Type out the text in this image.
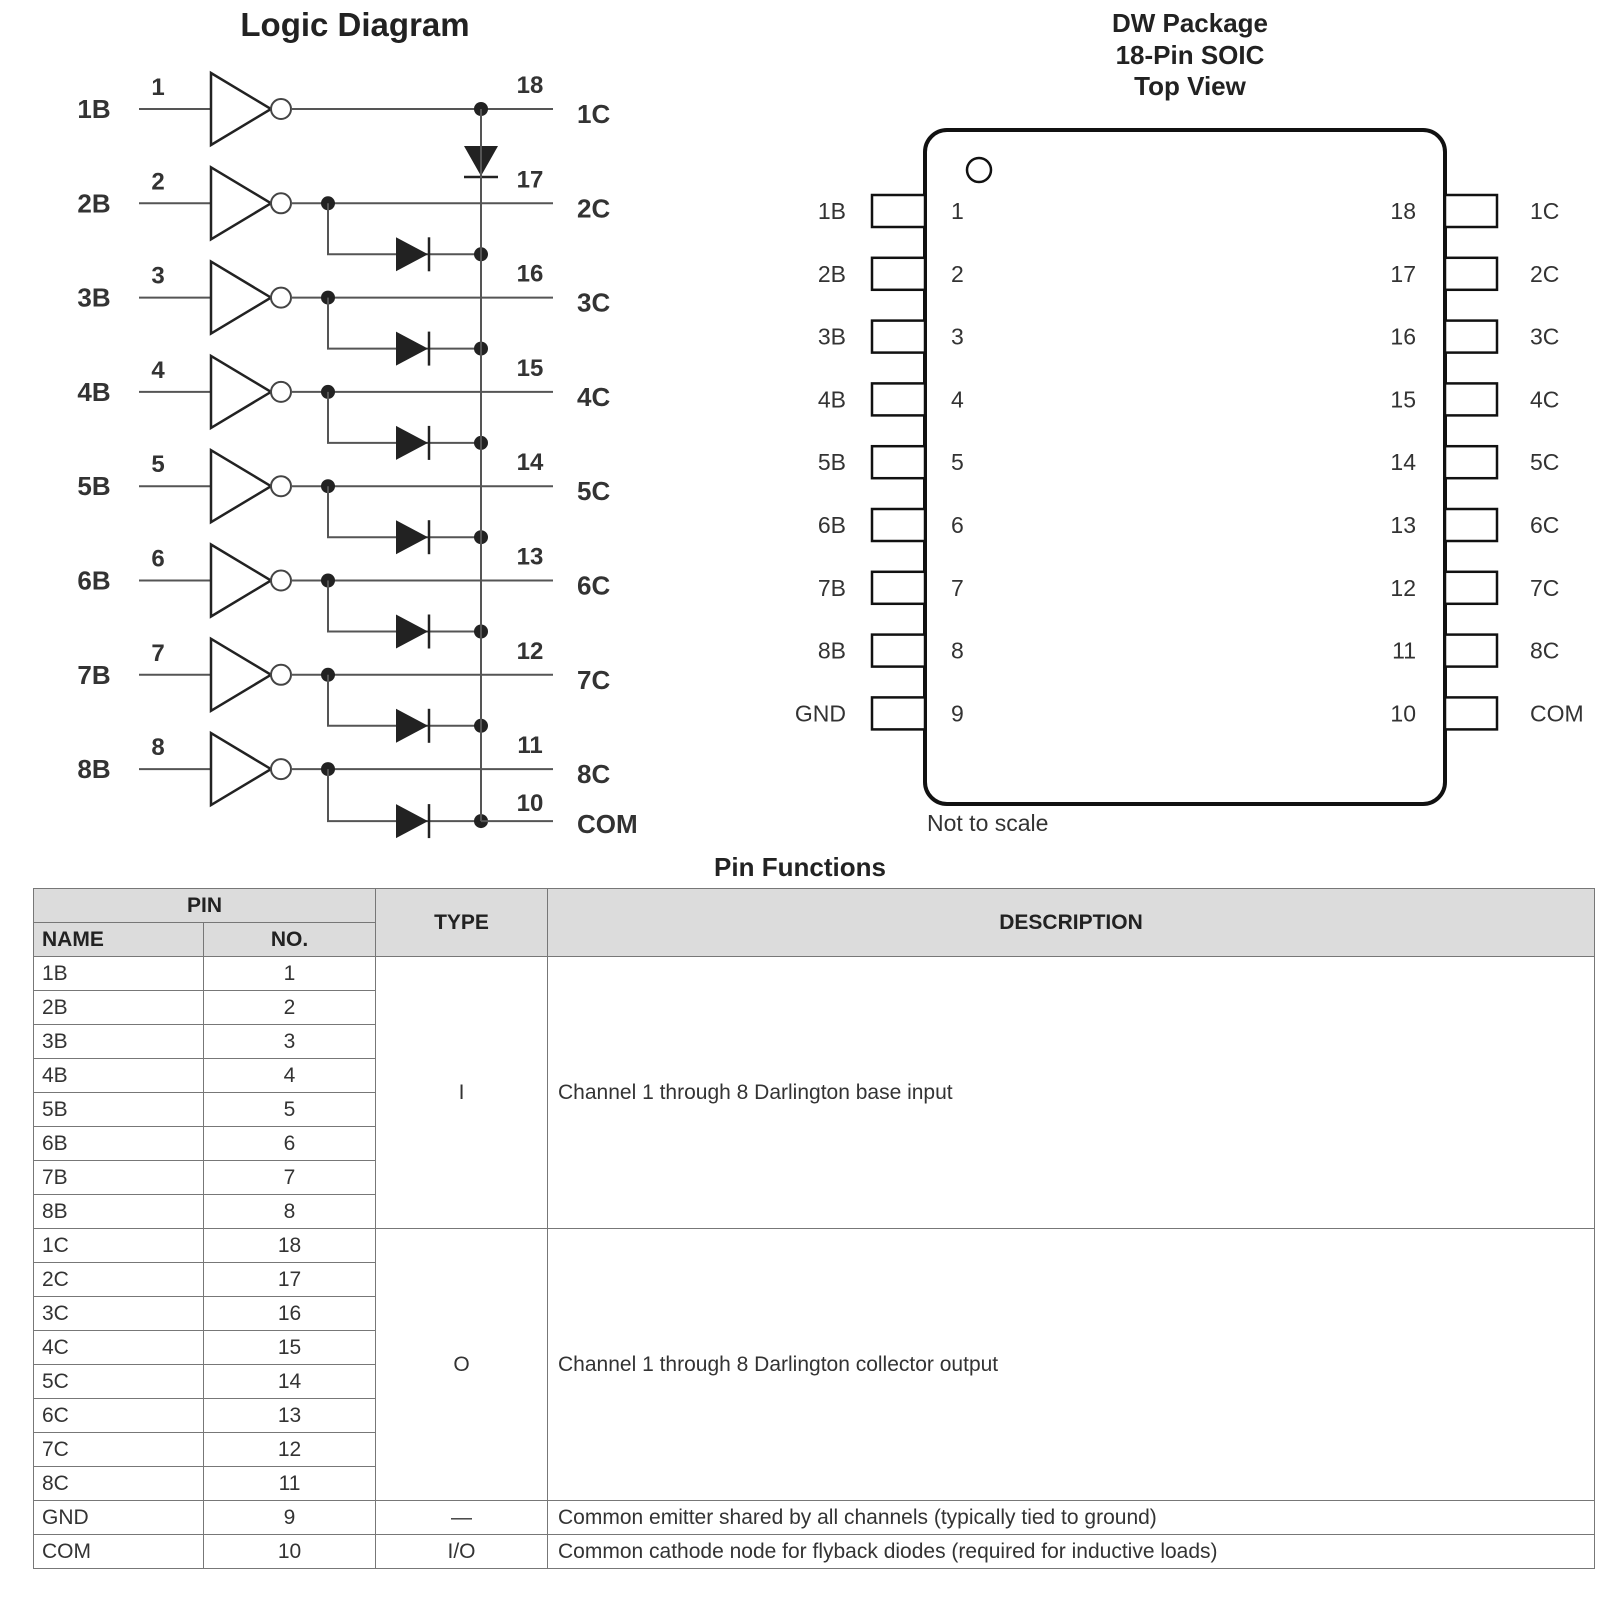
Logic Diagram
1B
1	18
1C
2B
2	17
2C
3B
3	16
3C
4B
4	15
4C
5B
5	14
5C
6B
6	13
6C
7B
7	12
7C
8B
8	11
8C
10
COM
DW Package
18-Pin SOIC
Top View
1B	1
2B	2
3B	3
4B	4
5B	5
6B	6
7B	7
8B	8
GND	9
18	1C
17	2C
16	3C
15	4C
14	5C
13	6C
12	7C
11	8C
10	COM
Not to scale
Pin Functions
PIN		TYPE	DESCRIPTION
NAME	NO.		
1B	1	I	Channel 1 through 8 Darlington base input
2B	2		
3B	3		
4B	4		
5B	5		
6B	6		
7B	7		
8B	8		
1C	18	O	Channel 1 through 8 Darlington collector output
2C	17		
3C	16		
4C	15		
5C	14		
6C	13		
7C	12		
8C	11		
GND	9	—	Common emitter shared by all channels (typically tied to ground)
COM	10	I/O	Common cathode node for flyback diodes (required for inductive loads)
